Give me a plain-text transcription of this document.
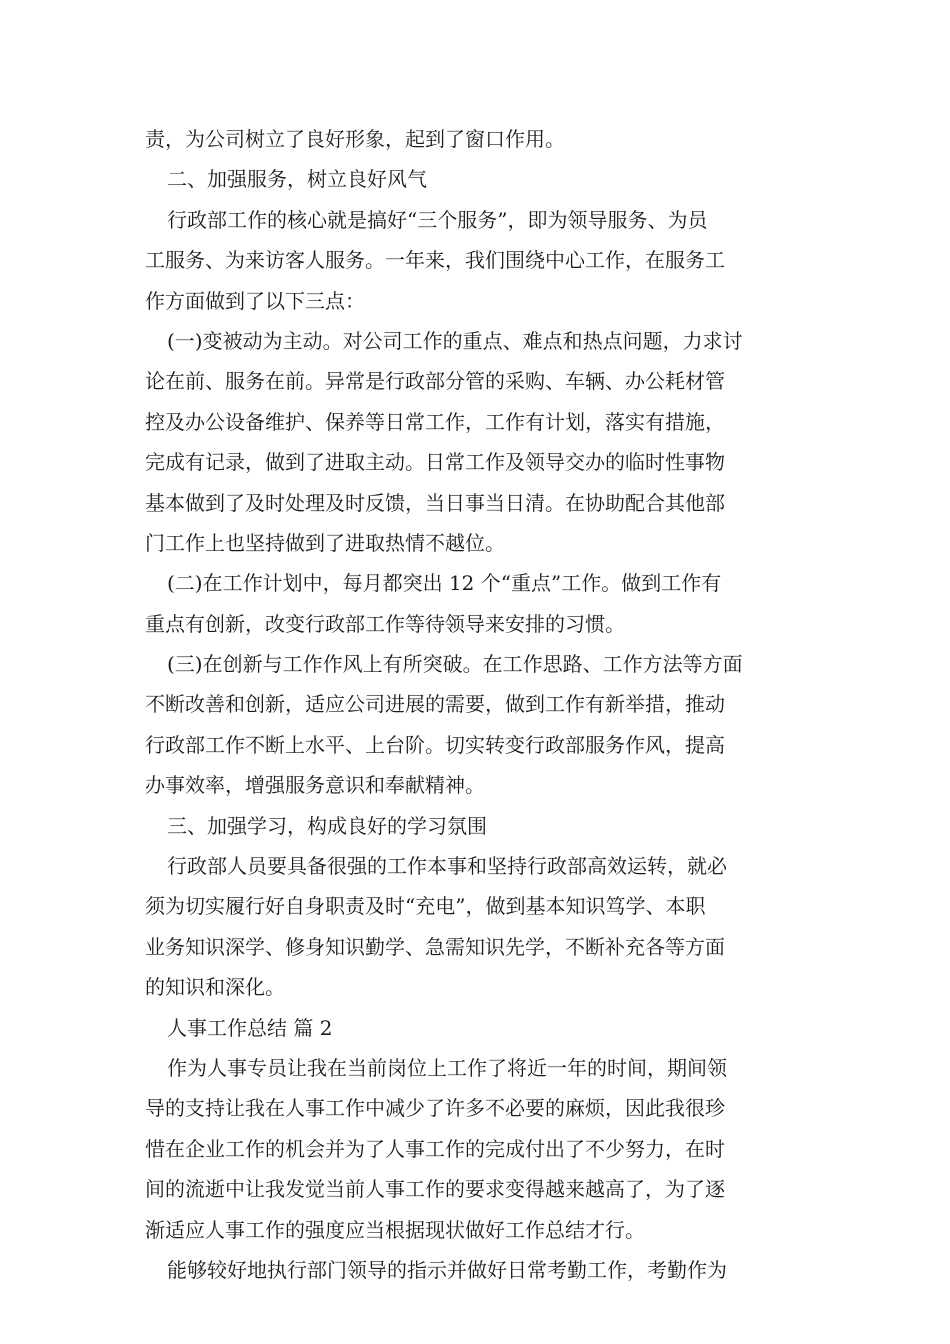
责，为公司树立了良好形象，起到了窗口作用。
二、加强服务，树立良好风气
行政部工作的核心就是搞好“三个服务”，即为领导服务、为员
工服务、为来访客人服务。一年来，我们围绕中心工作，在服务工
作方面做到了以下三点：
(一)变被动为主动。对公司工作的重点、难点和热点问题，力求讨
论在前、服务在前。异常是行政部分管的采购、车辆、办公耗材管
控及办公设备维护、保养等日常工作，工作有计划，落实有措施，
完成有记录，做到了进取主动。日常工作及领导交办的临时性事物
基本做到了及时处理及时反馈，当日事当日清。在协助配合其他部
门工作上也坚持做到了进取热情不越位。
(二)在工作计划中，每月都突出 12 个“重点”工作。做到工作有
重点有创新，改变行政部工作等待领导来安排的习惯。
(三)在创新与工作作风上有所突破。在工作思路、工作方法等方面
不断改善和创新，适应公司进展的需要，做到工作有新举措，推动
行政部工作不断上水平、上台阶。切实转变行政部服务作风，提高
办事效率，增强服务意识和奉献精神。
三、加强学习，构成良好的学习氛围
行政部人员要具备很强的工作本事和坚持行政部高效运转，就必
须为切实履行好自身职责及时“充电”，做到基本知识笃学、本职
业务知识深学、修身知识勤学、急需知识先学，不断补充各等方面
的知识和深化。
人事工作总结 篇 2
作为人事专员让我在当前岗位上工作了将近一年的时间，期间领
导的支持让我在人事工作中减少了许多不必要的麻烦，因此我很珍
惜在企业工作的机会并为了人事工作的完成付出了不少努力，在时
间的流逝中让我发觉当前人事工作的要求变得越来越高了，为了逐
渐适应人事工作的强度应当根据现状做好工作总结才行。
能够较好地执行部门领导的指示并做好日常考勤工作，考勤作为
